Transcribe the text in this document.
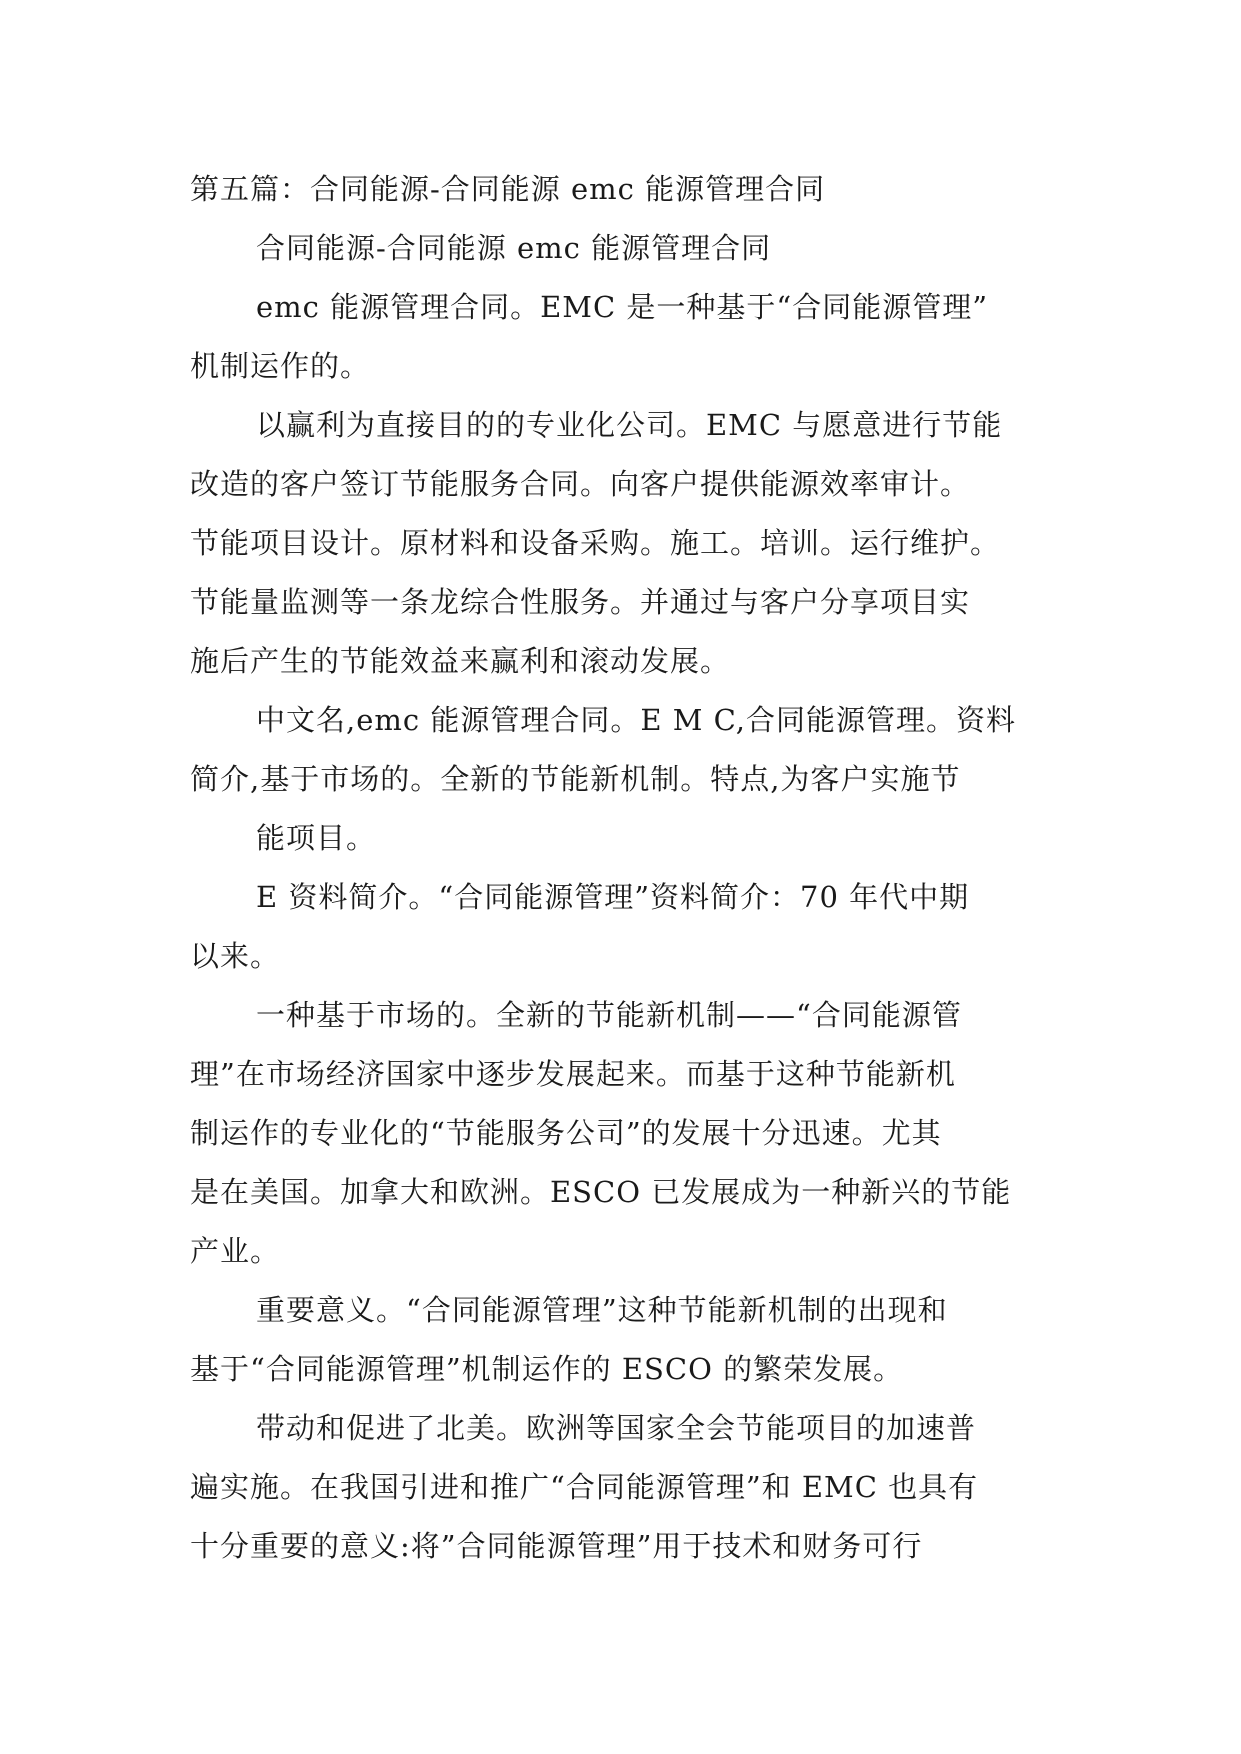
第五篇：合同能源-合同能源 emc 能源管理合同
合同能源-合同能源 emc 能源管理合同
emc 能源管理合同。EMC 是一种基于“合同能源管理”
机制运作的。
以赢利为直接目的的专业化公司。EMC 与愿意进行节能
改造的客户签订节能服务合同。向客户提供能源效率审计。
节能项目设计。原材料和设备采购。施工。培训。运行维护。
节能量监测等一条龙综合性服务。并通过与客户分享项目实
施后产生的节能效益来赢利和滚动发展。
中文名,emc 能源管理合同。E M C,合同能源管理。资料
简介,基于市场的。全新的节能新机制。特点,为客户实施节
能项目。
E 资料简介。“合同能源管理”资料简介：70 年代中期
以来。
一种基于市场的。全新的节能新机制——“合同能源管
理”在市场经济国家中逐步发展起来。而基于这种节能新机
制运作的专业化的“节能服务公司”的发展十分迅速。尤其
是在美国。加拿大和欧洲。ESCO 已发展成为一种新兴的节能
产业。
重要意义。“合同能源管理”这种节能新机制的出现和
基于“合同能源管理”机制运作的 ESCO 的繁荣发展。
带动和促进了北美。欧洲等国家全会节能项目的加速普
遍实施。在我国引进和推广“合同能源管理”和 EMC 也具有
十分重要的意义:将”合同能源管理”用于技术和财务可行
